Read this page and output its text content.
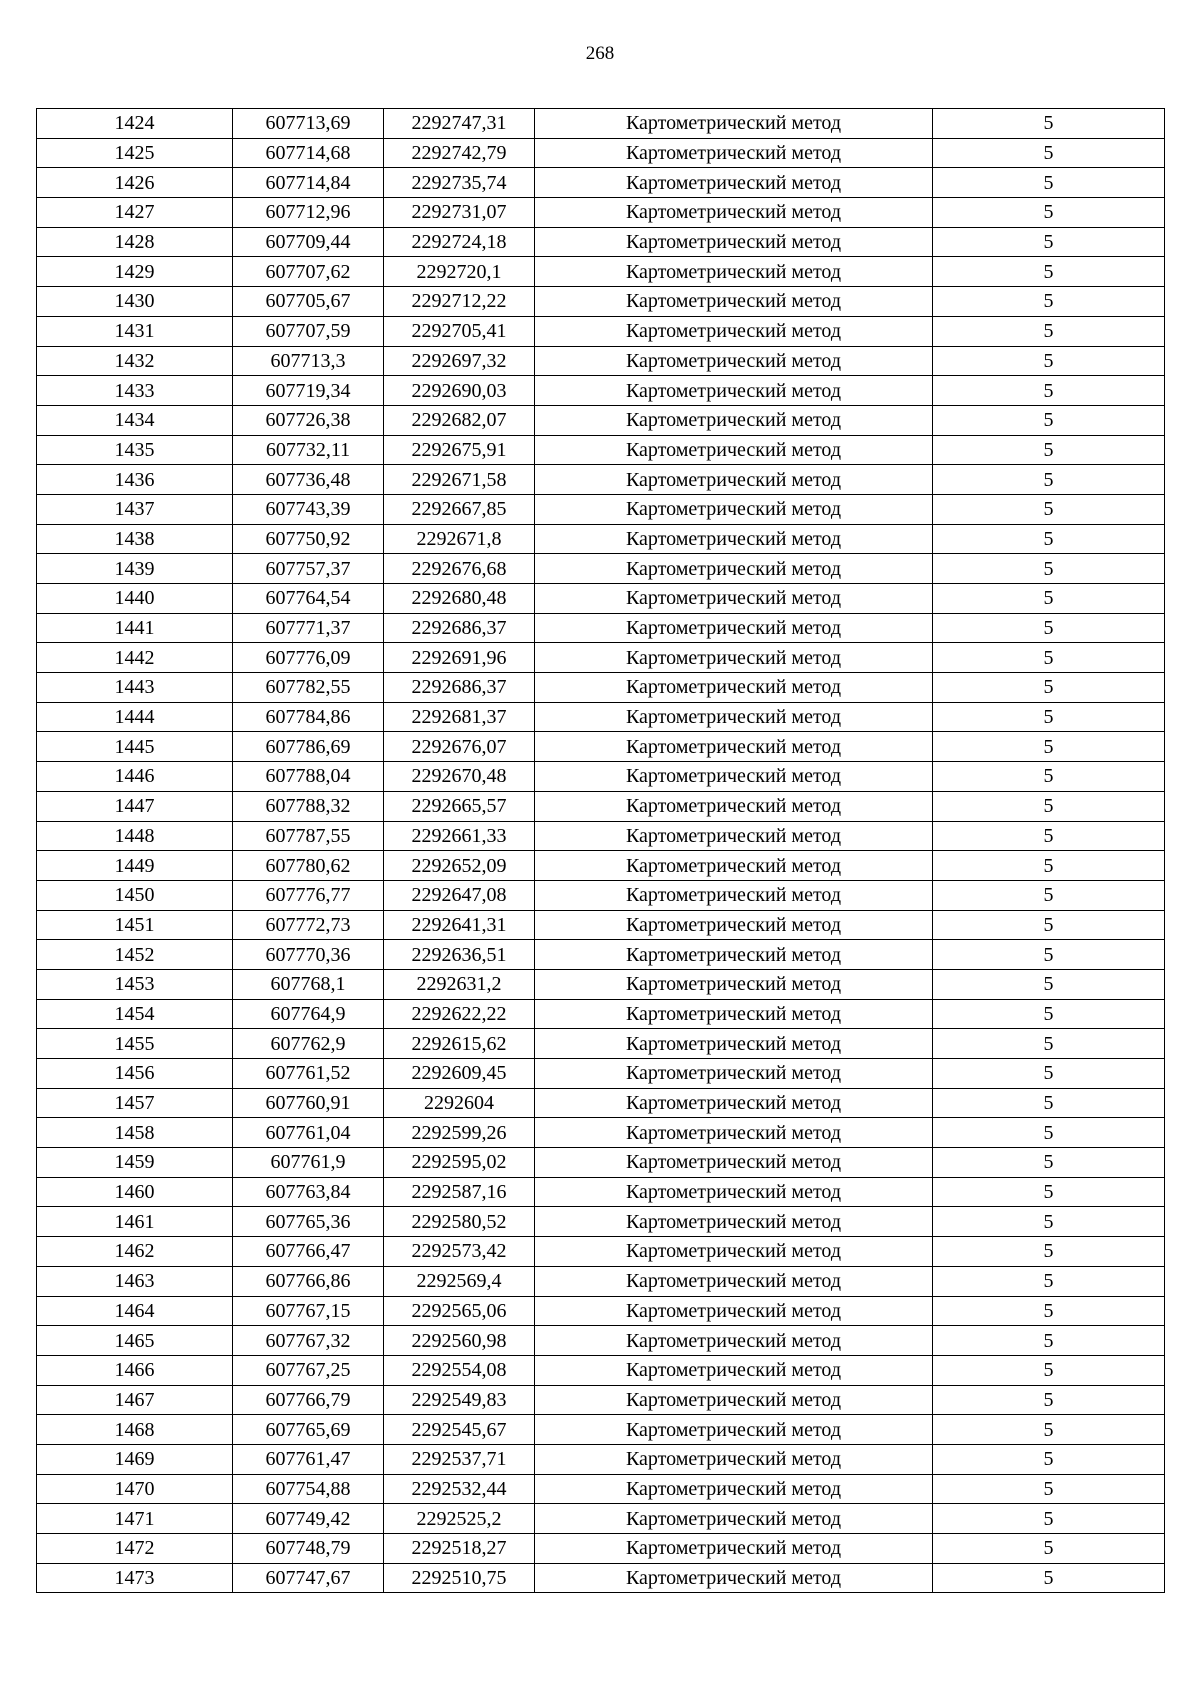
268
1424	607713,69	2292747,31	Картометрический метод	5
1425	607714,68	2292742,79	Картометрический метод	5
1426	607714,84	2292735,74	Картометрический метод	5
1427	607712,96	2292731,07	Картометрический метод	5
1428	607709,44	2292724,18	Картометрический метод	5
1429	607707,62	2292720,1	Картометрический метод	5
1430	607705,67	2292712,22	Картометрический метод	5
1431	607707,59	2292705,41	Картометрический метод	5
1432	607713,3	2292697,32	Картометрический метод	5
1433	607719,34	2292690,03	Картометрический метод	5
1434	607726,38	2292682,07	Картометрический метод	5
1435	607732,11	2292675,91	Картометрический метод	5
1436	607736,48	2292671,58	Картометрический метод	5
1437	607743,39	2292667,85	Картометрический метод	5
1438	607750,92	2292671,8	Картометрический метод	5
1439	607757,37	2292676,68	Картометрический метод	5
1440	607764,54	2292680,48	Картометрический метод	5
1441	607771,37	2292686,37	Картометрический метод	5
1442	607776,09	2292691,96	Картометрический метод	5
1443	607782,55	2292686,37	Картометрический метод	5
1444	607784,86	2292681,37	Картометрический метод	5
1445	607786,69	2292676,07	Картометрический метод	5
1446	607788,04	2292670,48	Картометрический метод	5
1447	607788,32	2292665,57	Картометрический метод	5
1448	607787,55	2292661,33	Картометрический метод	5
1449	607780,62	2292652,09	Картометрический метод	5
1450	607776,77	2292647,08	Картометрический метод	5
1451	607772,73	2292641,31	Картометрический метод	5
1452	607770,36	2292636,51	Картометрический метод	5
1453	607768,1	2292631,2	Картометрический метод	5
1454	607764,9	2292622,22	Картометрический метод	5
1455	607762,9	2292615,62	Картометрический метод	5
1456	607761,52	2292609,45	Картометрический метод	5
1457	607760,91	2292604	Картометрический метод	5
1458	607761,04	2292599,26	Картометрический метод	5
1459	607761,9	2292595,02	Картометрический метод	5
1460	607763,84	2292587,16	Картометрический метод	5
1461	607765,36	2292580,52	Картометрический метод	5
1462	607766,47	2292573,42	Картометрический метод	5
1463	607766,86	2292569,4	Картометрический метод	5
1464	607767,15	2292565,06	Картометрический метод	5
1465	607767,32	2292560,98	Картометрический метод	5
1466	607767,25	2292554,08	Картометрический метод	5
1467	607766,79	2292549,83	Картометрический метод	5
1468	607765,69	2292545,67	Картометрический метод	5
1469	607761,47	2292537,71	Картометрический метод	5
1470	607754,88	2292532,44	Картометрический метод	5
1471	607749,42	2292525,2	Картометрический метод	5
1472	607748,79	2292518,27	Картометрический метод	5
1473	607747,67	2292510,75	Картометрический метод	5
